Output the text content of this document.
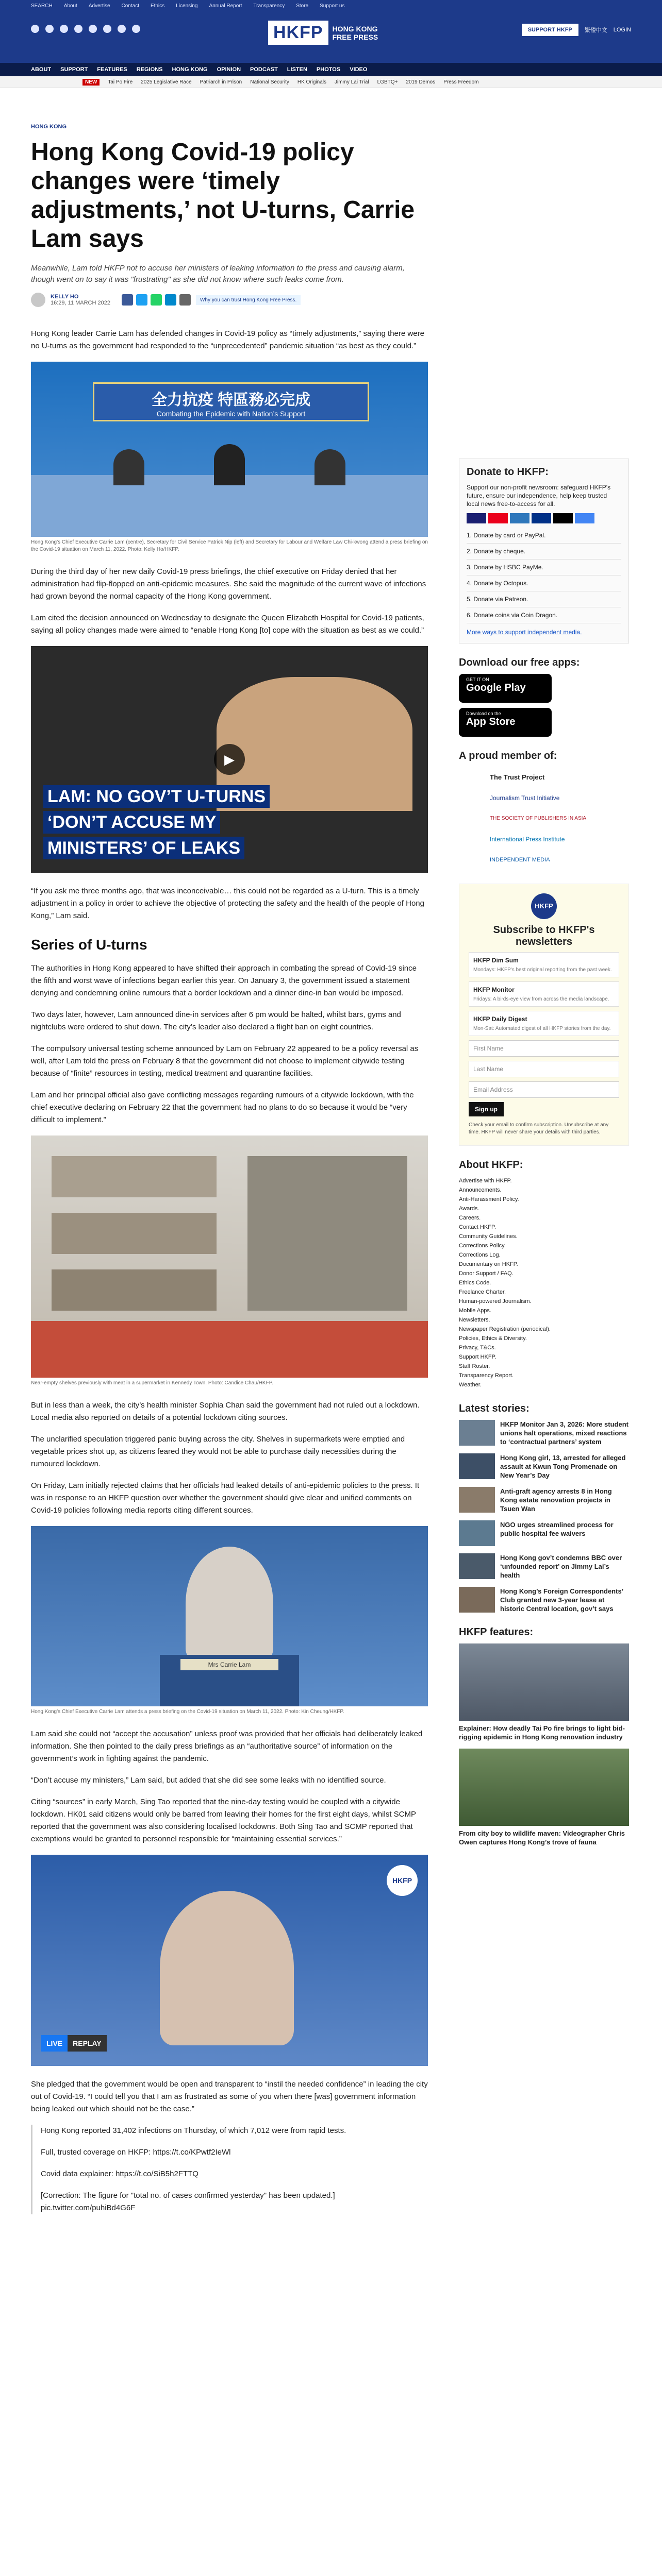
SEARCH About Advertise Contact Ethics Licensing Annual Report Transparency Store Support us
HKFP	HONG KONG
FREE PRESS
SUPPORT HKFP	繁體中文 LOGIN
ABOUT SUPPORT FEATURES REGIONS HONG KONG OPINION PODCAST LISTEN PHOTOS VIDEO
NEW	Tai Po Fire 2025 Legislative Race Patriarch in Prison National Security HK Originals Jimmy Lai Trial LGBTQ+ 2019 Demos Press Freedom
HONG KONG
Hong Kong Covid-19 policy changes were ‘timely adjustments,’ not U-turns, Carrie Lam says
Meanwhile, Lam told HKFP not to accuse her ministers of leaking information to the press and causing alarm, though went on to say it was "frustrating" as she did not know where such leaks come from.
KELLY HO
16:29, 11 MARCH 2022	Why you can trust Hong Kong Free Press.

Hong Kong leader Carrie Lam has defended changes in Covid-19 policy as “timely adjustments,” saying there were no U-turns as the government had responded to the “unprecedented” pandemic situation “as best as they could.”

全力抗疫 特區務必完成
Combating the Epidemic with Nation’s Support
Hong Kong’s Chief Executive Carrie Lam (centre), Secretary for Civil Service Patrick Nip (left) and Secretary for Labour and Welfare Law Chi-kwong attend a press briefing on the Covid-19 situation on March 11, 2022. Photo: Kelly Ho/HKFP.

During the third day of her new daily Covid-19 press briefings, the chief executive on Friday denied that her administration had flip-flopped on anti-epidemic measures. She said the magnitude of the current wave of infections had grown beyond the normal capacity of the Hong Kong government.

Lam cited the decision announced on Wednesday to designate the Queen Elizabeth Hospital for Covid-19 patients, saying all policy changes made were aimed to “enable Hong Kong [to] cope with the situation as best as we could.”

▶
LAM: NO GOV’T U-TURNS
‘DON’T ACCUSE MY
MINISTERS’ OF LEAKS

“If you ask me three months ago, that was inconceivable… this could not be regarded as a U-turn. This is a timely adjustment in a policy in order to achieve the objective of protecting the safety and the health of the people of Hong Kong,” Lam said.

Series of U-turns

The authorities in Hong Kong appeared to have shifted their approach in combating the spread of Covid-19 since the fifth and worst wave of infections began earlier this year. On January 3, the government issued a statement denying and condemning online rumours that a border lockdown and a dinner dine-in ban would be imposed.

Two days later, however, Lam announced dine-in services after 6 pm would be halted, whilst bars, gyms and nightclubs were ordered to shut down. The city’s leader also declared a flight ban on eight countries.

The compulsory universal testing scheme announced by Lam on February 22 appeared to be a policy reversal as well, after Lam told the press on February 8 that the government did not choose to implement citywide testing because of “finite” resources in testing, medical treatment and quarantine facilities.

Lam and her principal official also gave conflicting messages regarding rumours of a citywide lockdown, with the chief executive declaring on February 22 that the government had no plans to do so because it would be “very difficult to implement.”

Near-empty shelves previously with meat in a supermarket in Kennedy Town. Photo: Candice Chau/HKFP.

But in less than a week, the city’s health minister Sophia Chan said the government had not ruled out a lockdown. Local media also reported on details of a potential lockdown citing sources.

The unclarified speculation triggered panic buying across the city. Shelves in supermarkets were emptied and vegetable prices shot up, as citizens feared they would not be able to purchase daily necessities during the rumoured lockdown.

On Friday, Lam initially rejected claims that her officials had leaked details of anti-epidemic policies to the press. It was in response to an HKFP question over whether the government should give clear and unified comments on Covid-19 policies following media reports citing different sources.

Mrs Carrie Lam
Hong Kong’s Chief Executive Carrie Lam attends a press briefing on the Covid-19 situation on March 11, 2022. Photo: Kin Cheung/HKFP.

Lam said she could not “accept the accusation” unless proof was provided that her officials had deliberately leaked information. She then pointed to the daily press briefings as an “authoritative source” of information on the government’s work in fighting against the pandemic.

“Don’t accuse my ministers,” Lam said, but added that she did see some leaks with no identified source.

Citing “sources” in early March, Sing Tao reported that the nine-day testing would be coupled with a citywide lockdown. HK01 said citizens would only be barred from leaving their homes for the first eight days, whilst SCMP reported that the government was also considering localised lockdowns. Both Sing Tao and SCMP reported that exemptions would be granted to personnel responsible for “maintaining essential services.”

HKFP
LIVE	REPLAY

She pledged that the government would be open and transparent to “instil the needed confidence” in leading the city out of Covid-19. “I could tell you that I am as frustrated as some of you when there [was] government information being leaked out which should not be the case.”

Hong Kong reported 31,402 infections on Thursday, of which 7,012 were from rapid tests.

Full, trusted coverage on HKFP: https://t.co/KPwtf2IeWl

Covid data explainer: https://t.co/SiB5h2FTTQ

[Correction: The figure for "total no. of cases confirmed yesterday" has been updated.] pic.twitter.com/puhiBd4G6F

Donate to HKFP:

Support our non-profit newsroom: safeguard HKFP's future, ensure our independence, help keep trusted local news free-to-access for all.

1. Donate by card or PayPal.
2. Donate by cheque.
3. Donate by HSBC PayMe.
4. Donate by Octopus.
5. Donate via Patreon.
6. Donate coins via Coin Dragon.
More ways to support independent media.
Download our free apps:
GET IT ON
Google Play
Download on the
App Store
A proud member of:
The Trust Project
Journalism Trust Initiative
THE SOCIETY OF PUBLISHERS IN ASIA
International Press Institute
INDEPENDENT MEDIA
HKFP
Subscribe to HKFP's newsletters
HKFP Dim Sum
Mondays: HKFP's best original reporting from the past week.
HKFP Monitor
Fridays: A birds-eye view from across the media landscape.
HKFP Daily Digest
Mon-Sat: Automated digest of all HKFP stories from the day.
First Name
Last Name
Email Address
Sign up
Check your email to confirm subscription. Unsubscribe at any time. HKFP will never share your details with third parties.
About HKFP:
Advertise with HKFP.
Announcements.
Anti-Harassment Policy.
Awards.
Careers.
Contact HKFP.
Community Guidelines.
Corrections Policy.
Corrections Log.
Documentary on HKFP.
Donor Support / FAQ.
Ethics Code.
Freelance Charter.
Human-powered Journalism.
Mobile Apps.
Newsletters.
Newspaper Registration (periodical).
Policies, Ethics & Diversity.
Privacy, T&Cs.
Support HKFP.
Staff Roster.
Transparency Report.
Weather.
Latest stories:
HKFP Monitor Jan 3, 2026: More student unions halt operations, mixed reactions to ‘contractual partners’ system
Hong Kong girl, 13, arrested for alleged assault at Kwun Tong Promenade on New Year’s Day
Anti-graft agency arrests 8 in Hong Kong estate renovation projects in Tsuen Wan
NGO urges streamlined process for public hospital fee waivers
Hong Kong gov’t condemns BBC over ‘unfounded report’ on Jimmy Lai’s health
Hong Kong’s Foreign Correspondents’ Club granted new 3-year lease at historic Central location, gov’t says
HKFP features:
Explainer: How deadly Tai Po fire brings to light bid-rigging epidemic in Hong Kong renovation industry
From city boy to wildlife maven: Videographer Chris Owen captures Hong Kong’s trove of fauna
